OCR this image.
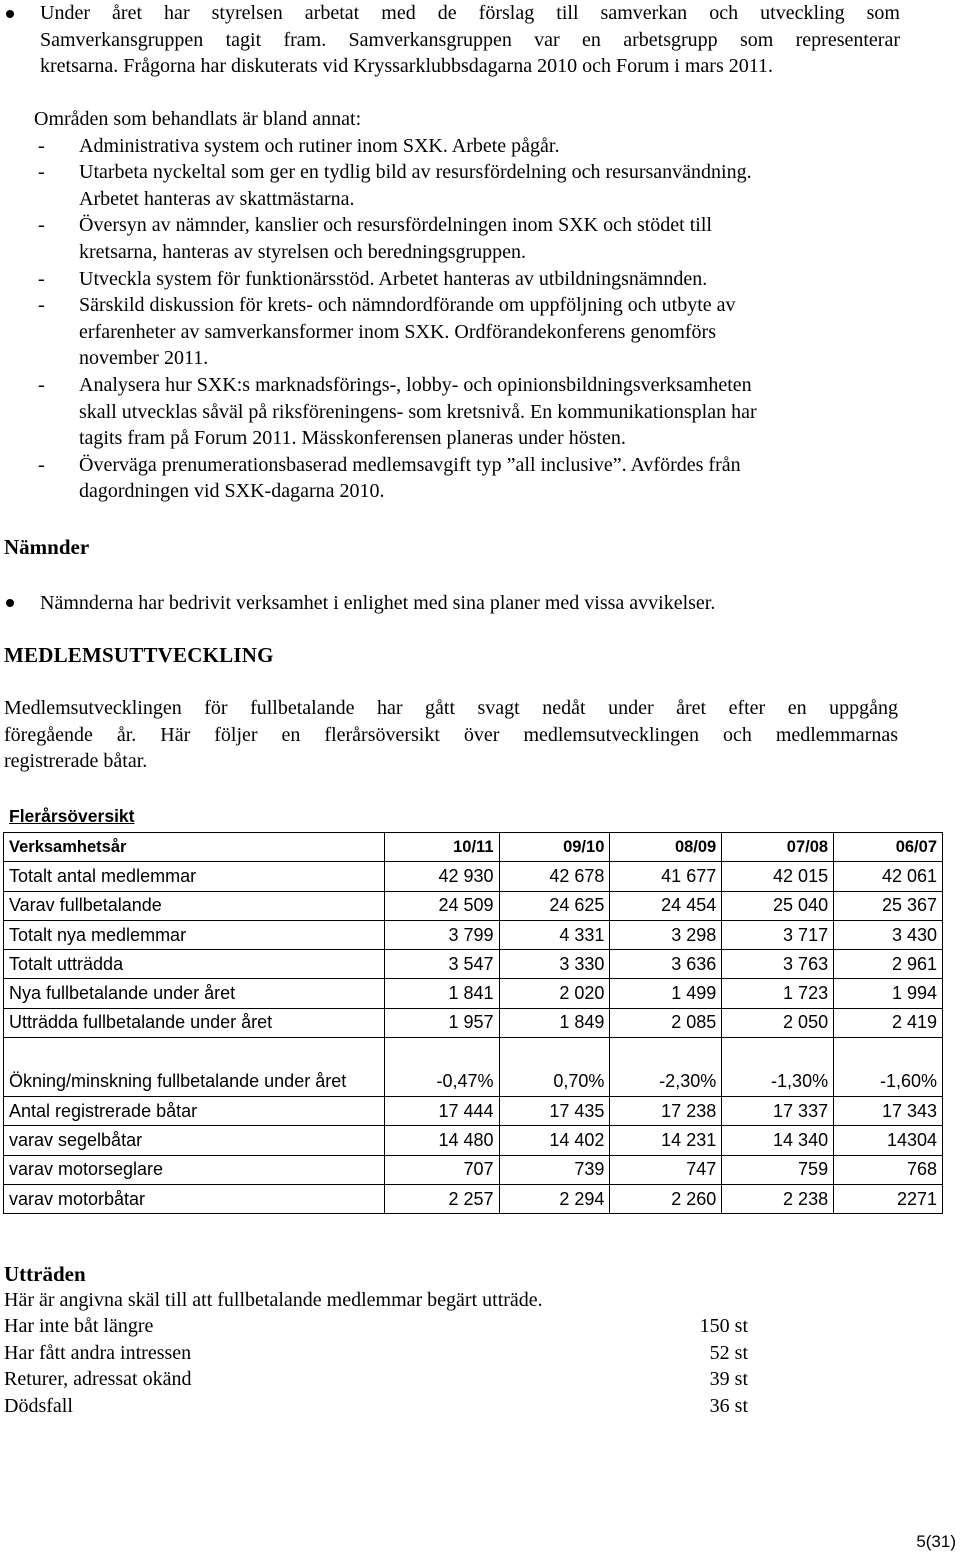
Under året har styrelsen arbetat med de förslag till samverkan och utveckling som
Samverkansgruppen tagit fram. Samverkansgruppen var en arbetsgrupp som representerar
kretsarna. Frågorna har diskuterats vid Kryssarklubbsdagarna 2010 och Forum i mars 2011.
Områden som behandlats är bland annat:
- Administrativa system och rutiner inom SXK. Arbete pågår.
- Utarbeta nyckeltal som ger en tydlig bild av resursfördelning och resursanvändning.
Arbetet hanteras av skattmästarna.
- Översyn av nämnder, kanslier och resursfördelningen inom SXK och stödet till
kretsarna, hanteras av styrelsen och beredningsgruppen.
- Utveckla system för funktionärsstöd. Arbetet hanteras av utbildningsnämnden.
- Särskild diskussion för krets- och nämndordförande om uppföljning och utbyte av
erfarenheter av samverkansformer inom SXK. Ordförandekonferens genomförs
november 2011.
- Analysera hur SXK:s marknadsförings-, lobby- och opinionsbildningsverksamheten
skall utvecklas såväl på riksföreningens- som kretsnivå. En kommunikationsplan har
tagits fram på Forum 2011. Mässkonferensen planeras under hösten.
- Överväga prenumerationsbaserad medlemsavgift typ ”all inclusive”. Avfördes från
dagordningen vid SXK-dagarna 2010.
Nämnder
Nämnderna har bedrivit verksamhet i enlighet med sina planer med vissa avvikelser.
MEDLEMSUTTVECKLING
Medlemsutvecklingen för fullbetalande har gått svagt nedåt under året efter en uppgång
föregående år. Här följer en flerårsöversikt över medlemsutvecklingen och medlemmarnas
registrerade båtar.
Flerårsöversikt
Verksamhetsår	10/11	09/10	08/09	07/08	06/07
Totalt antal medlemmar	42 930	42 678	41 677	42 015	42 061
Varav fullbetalande	24 509	24 625	24 454	25 040	25 367
Totalt nya medlemmar	3 799	4 331	3 298	3 717	3 430
Totalt utträdda	3 547	3 330	3 636	3 763	2 961
Nya fullbetalande under året	1 841	2 020	1 499	1 723	1 994
Utträdda fullbetalande under året	1 957	1 849	2 085	2 050	2 419
Ökning/minskning fullbetalande under året	-0,47%	0,70%	-2,30%	-1,30%	-1,60%
Antal registrerade båtar	17 444	17 435	17 238	17 337	17 343
varav segelbåtar	14 480	14 402	14 231	14 340	14304
varav motorseglare	707	739	747	759	768
varav motorbåtar	2 257	2 294	2 260	2 238	2271
Utträden
Här är angivna skäl till att fullbetalande medlemmar begärt utträde.
Har inte båt längre	150 st
Har fått andra intressen	52 st
Returer, adressat okänd	39 st
Dödsfall	36 st
5(31)
